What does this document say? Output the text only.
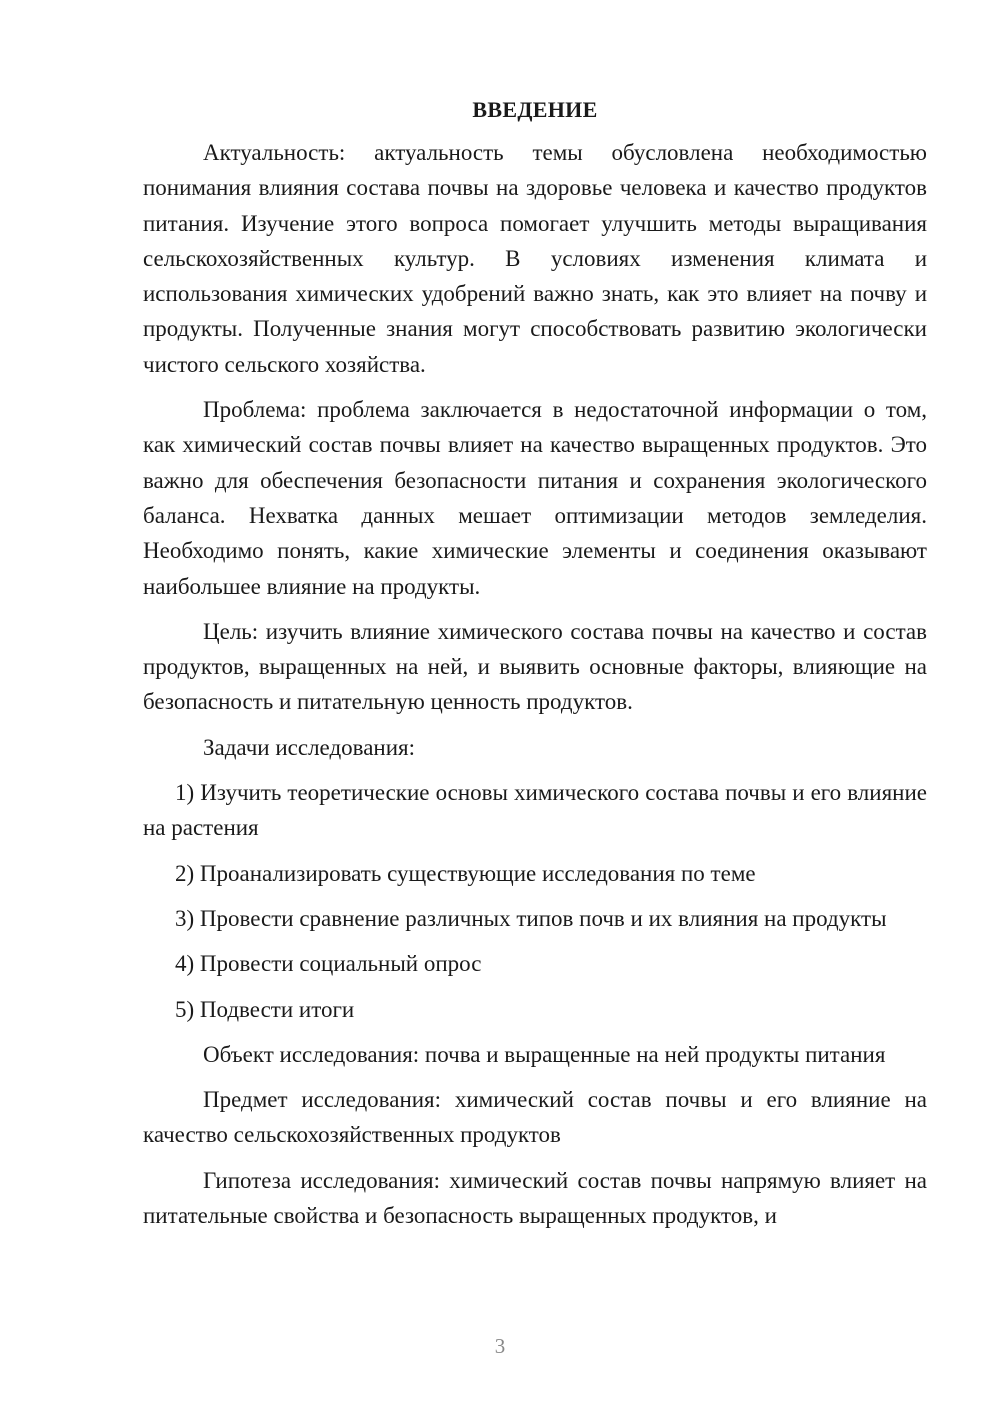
ВВЕДЕНИЕ

Актуальность: актуальность темы обусловлена необходимостью понимания влияния состава почвы на здоровье человека и качество продуктов питания. Изучение этого вопроса помогает улучшить методы выращивания сельскохозяйственных культур. В условиях изменения климата и использования химических удобрений важно знать, как это влияет на почву и продукты. Полученные знания могут способствовать развитию экологически чистого сельского хозяйства.

Проблема: проблема заключается в недостаточной информации о том, как химический состав почвы влияет на качество выращенных продуктов. Это важно для обеспечения безопасности питания и сохранения экологического баланса. Нехватка данных мешает оптимизации методов земледелия. Необходимо понять, какие химические элементы и соединения оказывают наибольшее влияние на продукты.

Цель: изучить влияние химического состава почвы на качество и состав продуктов, выращенных на ней, и выявить основные факторы, влияющие на безопасность и питательную ценность продуктов.

Задачи исследования:

1) Изучить теоретические основы химического состава почвы и его влияние на растения

2) Проанализировать существующие исследования по теме

3) Провести сравнение различных типов почв и их влияния на продукты

4) Провести социальный опрос

5) Подвести итоги

Объект исследования: почва и выращенные на ней продукты питания

Предмет исследования: химический состав почвы и его влияние на качество сельскохозяйственных продуктов

Гипотеза исследования: химический состав почвы напрямую влияет на питательные свойства и безопасность выращенных продуктов, и

3
